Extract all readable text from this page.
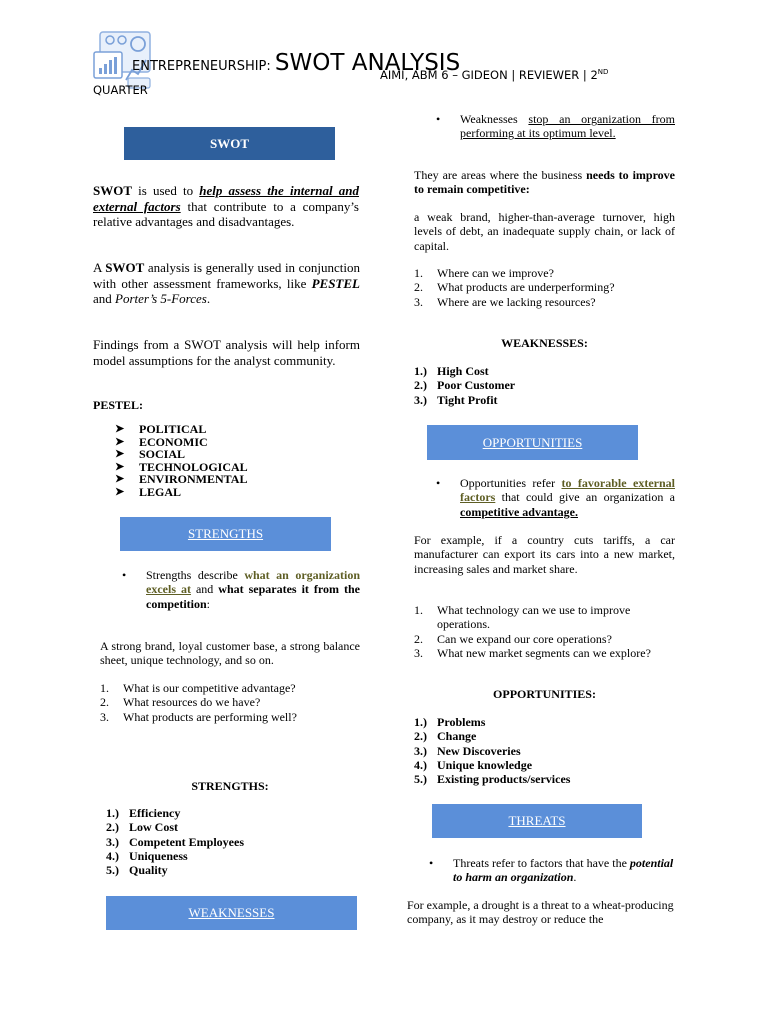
ENTREPRENEURSHIP: SWOT ANALYSIS
AIMI, ABM 6 – GIDEON | REVIEWER | 2ND
QUARTER
SWOT
SWOT is used to help assess the internal and external factors that contribute to a company’s relative advantages and disadvantages.
A SWOT analysis is generally used in conjunction with other assessment frameworks, like PESTEL and Porter’s 5-Forces.
Findings from a SWOT analysis will help inform model assumptions for the analyst community.
PESTEL:
➤ POLITICAL
➤ ECONOMIC
➤ SOCIAL
➤ TECHNOLOGICAL
➤ ENVIRONMENTAL
➤ LEGAL
STRENGTHS
• Strengths describe what an organization excels at and what separates it from the competition:
A strong brand, loyal customer base, a strong balance sheet, unique technology, and so on.
1. What is our competitive advantage?
2. What resources do we have?
3. What products are performing well?
STRENGTHS:
1.) Efficiency
2.) Low Cost
3.) Competent Employees
4.) Uniqueness
5.) Quality
WEAKNESSES
• Weaknesses stop an organization from performing at its optimum level.
They are areas where the business needs to improve to remain competitive:
a weak brand, higher-than-average turnover, high levels of debt, an inadequate supply chain, or lack of capital.
1. Where can we improve?
2. What products are underperforming?
3. Where are we lacking resources?
WEAKNESSES:
1.) High Cost
2.) Poor Customer
3.) Tight Profit
OPPORTUNITIES
• Opportunities refer to favorable external factors that could give an organization a competitive advantage.
For example, if a country cuts tariffs, a car manufacturer can export its cars into a new market, increasing sales and market share.
1. What technology can we use to improve operations.
2. Can we expand our core operations?
3. What new market segments can we explore?
OPPORTUNITIES:
1.) Problems
2.) Change
3.) New Discoveries
4.) Unique knowledge
5.) Existing products/services
THREATS
• Threats refer to factors that have the potential to harm an organization.
For example, a drought is a threat to a wheat-producing company, as it may destroy or reduce the
